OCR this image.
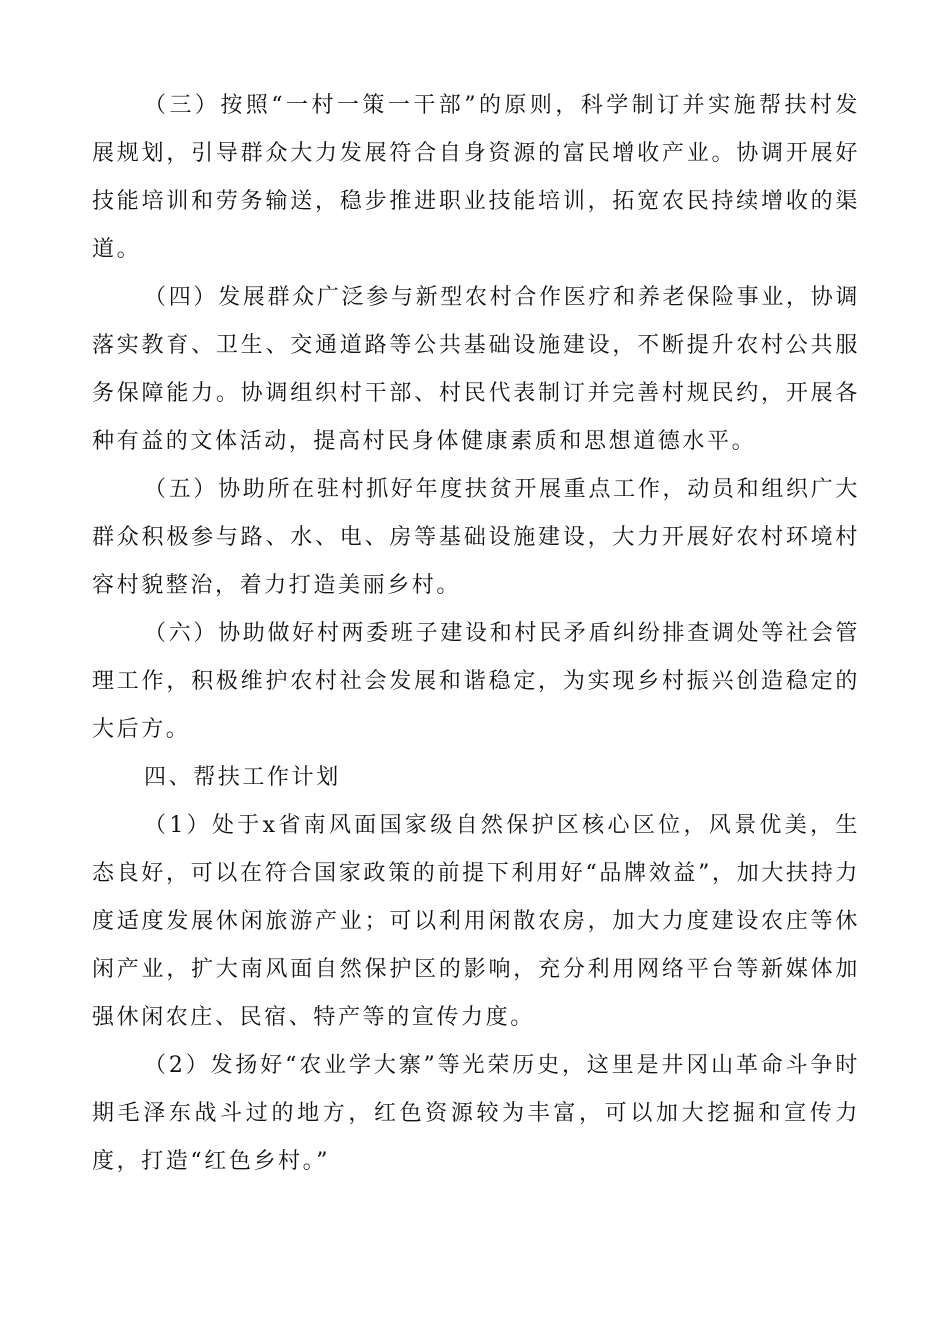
（三）按照“一村一策一干部”的原则，科学制订并实施帮扶村发展规划，引导群众大力发展符合自身资源的富民增收产业。协调开展好技能培训和劳务输送，稳步推进职业技能培训，拓宽农民持续增收的渠道。

（四）发展群众广泛参与新型农村合作医疗和养老保险事业，协调落实教育、卫生、交通道路等公共基础设施建设，不断提升农村公共服务保障能力。协调组织村干部、村民代表制订并完善村规民约，开展各种有益的文体活动，提高村民身体健康素质和思想道德水平。

（五）协助所在驻村抓好年度扶贫开展重点工作，动员和组织广大群众积极参与路、水、电、房等基础设施建设，大力开展好农村环境村容村貌整治，着力打造美丽乡村。

（六）协助做好村两委班子建设和村民矛盾纠纷排查调处等社会管理工作，积极维护农村社会发展和谐稳定，为实现乡村振兴创造稳定的大后方。

四、帮扶工作计划

（1）处于x省南风面国家级自然保护区核心区位，风景优美，生态良好，可以在符合国家政策的前提下利用好“品牌效益”，加大扶持力度适度发展休闲旅游产业；可以利用闲散农房，加大力度建设农庄等休闲产业，扩大南风面自然保护区的影响，充分利用网络平台等新媒体加强休闲农庄、民宿、特产等的宣传力度。

（2）发扬好“农业学大寨”等光荣历史，这里是井冈山革命斗争时期毛泽东战斗过的地方，红色资源较为丰富，可以加大挖掘和宣传力度，打造“红色乡村。”
